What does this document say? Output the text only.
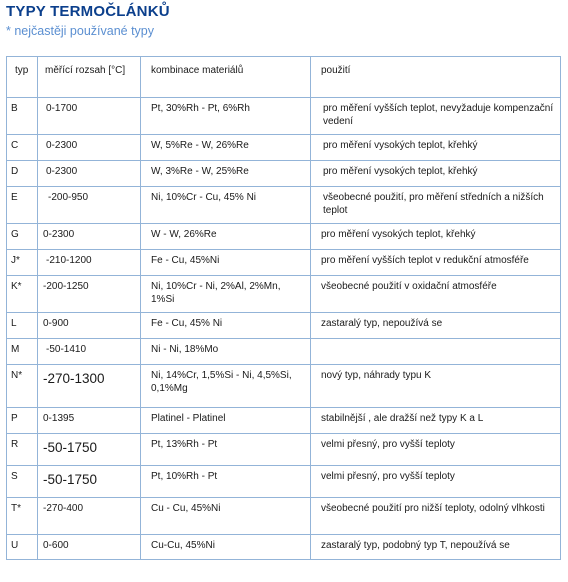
TYPY TERMOČLÁNKŮ
* nejčastěji používané typy
typ	měřící rozsah [°C]	kombinace materiálů	použití
B	0-1700	Pt, 30%Rh - Pt, 6%Rh	pro měření vyšších teplot, nevyžaduje kompenzační vedení
C	0-2300	W, 5%Re - W, 26%Re	pro měření vysokých teplot, křehký
D	0-2300	W, 3%Re - W, 25%Re	pro měření vysokých teplot, křehký
E	-200-950	Ni, 10%Cr - Cu, 45% Ni	všeobecné použití, pro měření středních a nižších teplot
G	0-2300	W - W, 26%Re	pro měření vysokých teplot, křehký
J*	-210-1200	Fe - Cu, 45%Ni	pro měření vyšších teplot v redukční atmosféře
K*	-200-1250	Ni, 10%Cr - Ni, 2%Al, 2%Mn, 1%Si	všeobecné použití v oxidační atmosféře
L	0-900	Fe - Cu, 45% Ni	zastaralý typ, nepoužívá se
M	-50-1410	Ni - Ni, 18%Mo	
N*	-270-1300	Ni, 14%Cr, 1,5%Si - Ni, 4,5%Si, 0,1%Mg	nový typ, náhrady typu K
P	0-1395	Platinel - Platinel	stabilnější , ale dražší než typy K a L
R	-50-1750	Pt, 13%Rh - Pt	velmi přesný, pro vyšší teploty
S	-50-1750	Pt, 10%Rh - Pt	velmi přesný, pro vyšší teploty
T*	-270-400	Cu - Cu, 45%Ni	všeobecné použití pro nižší teploty, odolný vlhkosti
U	0-600	Cu-Cu, 45%Ni	zastaralý typ, podobný typ T, nepoužívá se
